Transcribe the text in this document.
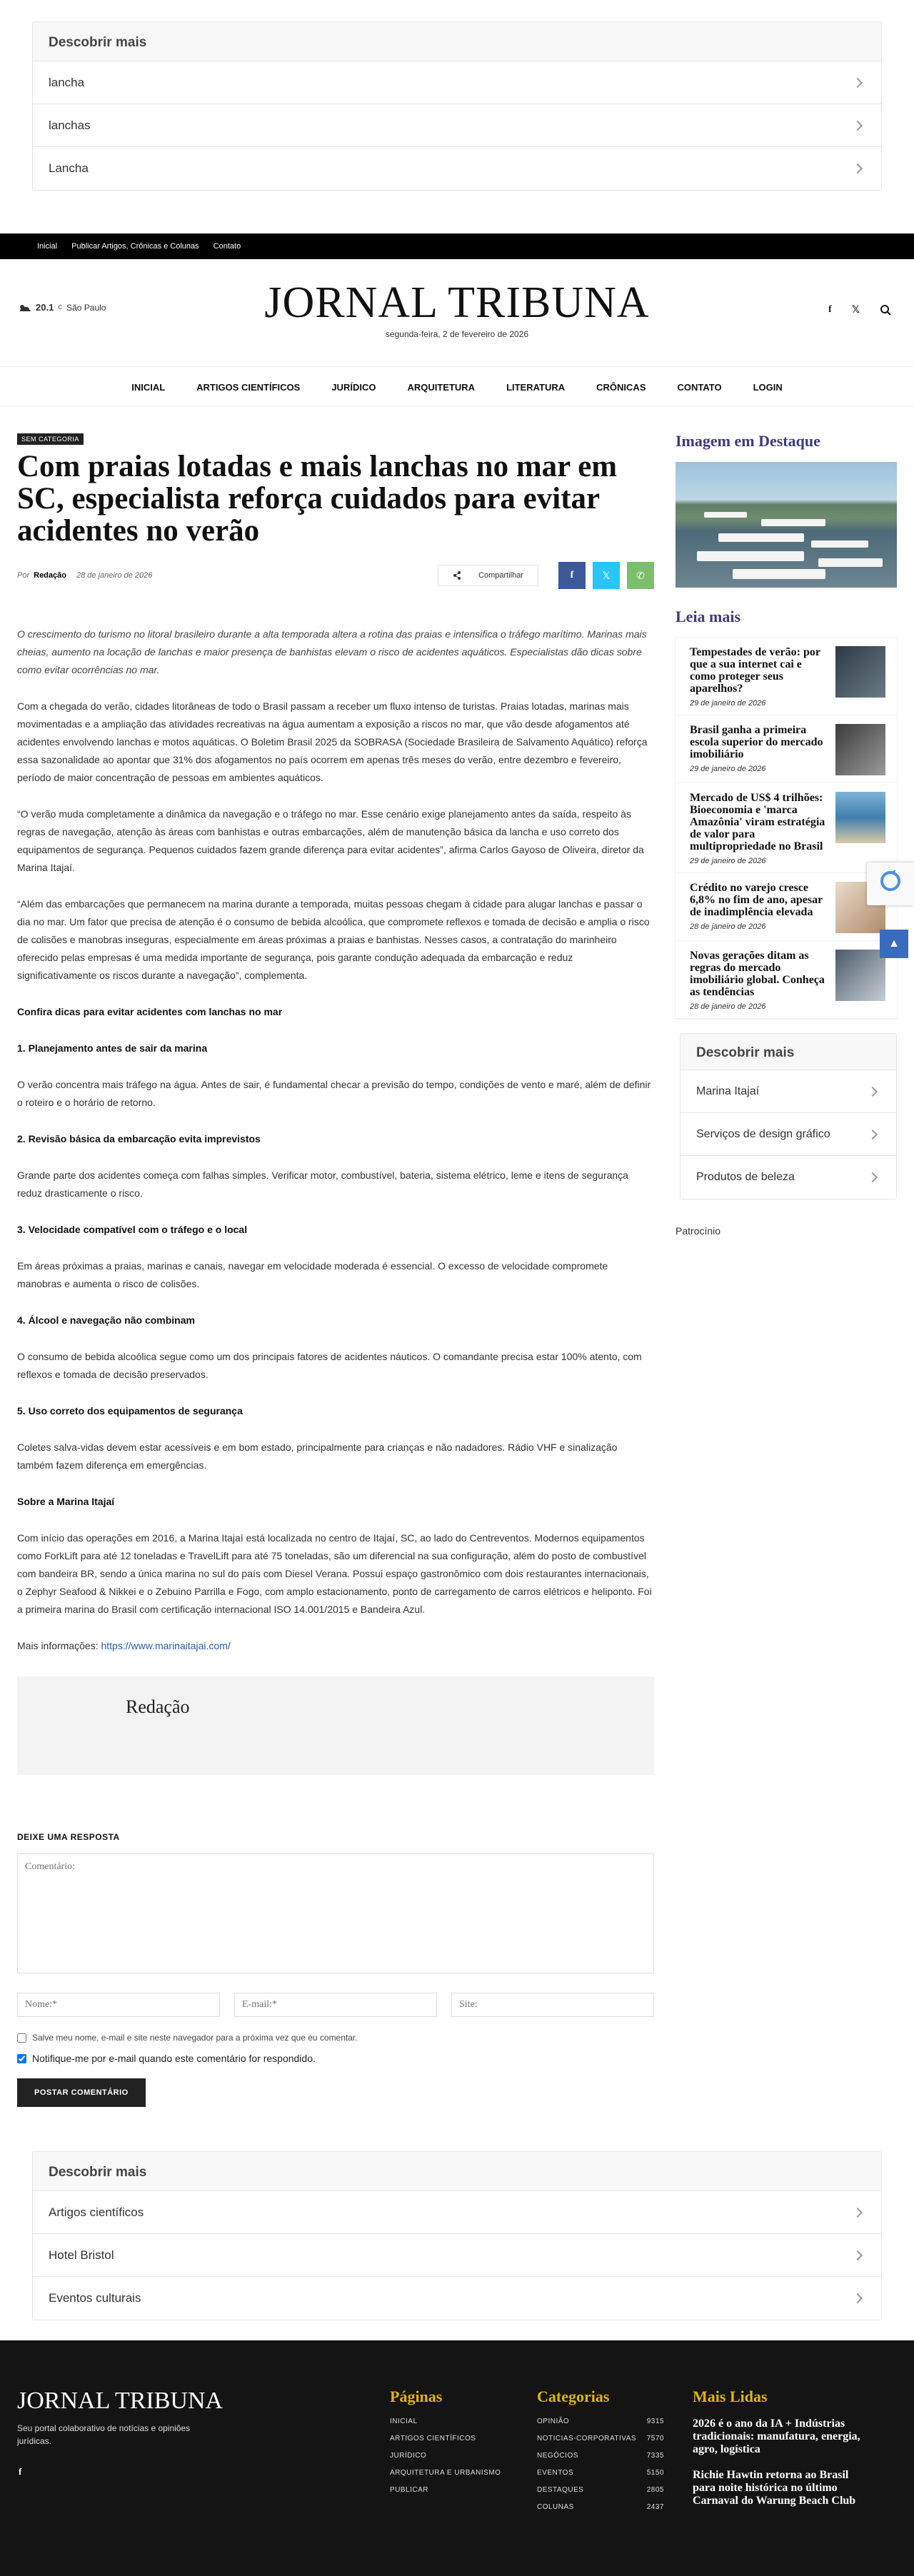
Descobrir mais
lancha
lanchas
Lancha
Inicial Publicar Artigos, Crônicas e Colunas Contato
20.1 C São Paulo	JORNAL TRIBUNA
segunda-feira, 2 de fevereiro de 2026
f 𝕏
INICIAL	ARTIGOS CIENTÍFICOS	JURÍDICO	ARQUITETURA	LITERATURA	CRÔNICAS	CONTATO	LOGIN
SEM CATEGORIA
Com praias lotadas e mais lanchas no mar em SC, especialista reforça cuidados para evitar acidentes no verão
Por Redação 28 de janeiro de 2026	Compartilhar	f	𝕏	✆

O crescimento do turismo no litoral brasileiro durante a alta temporada altera a rotina das praias e intensifica o tráfego marítimo. Marinas mais cheias, aumento na locação de lanchas e maior presença de banhistas elevam o risco de acidentes aquáticos. Especialistas dão dicas sobre como evitar ocorrências no mar.

Com a chegada do verão, cidades litorâneas de todo o Brasil passam a receber um fluxo intenso de turistas. Praias lotadas, marinas mais movimentadas e a ampliação das atividades recreativas na água aumentam a exposição a riscos no mar, que vão desde afogamentos até acidentes envolvendo lanchas e motos aquáticas. O Boletim Brasil 2025 da SOBRASA (Sociedade Brasileira de Salvamento Aquático) reforça essa sazonalidade ao apontar que 31% dos afogamentos no país ocorrem em apenas três meses do verão, entre dezembro e fevereiro, período de maior concentração de pessoas em ambientes aquáticos.

“O verão muda completamente a dinâmica da navegação e o tráfego no mar. Esse cenário exige planejamento antes da saída, respeito às regras de navegação, atenção às áreas com banhistas e outras embarcações, além de manutenção básica da lancha e uso correto dos equipamentos de segurança. Pequenos cuidados fazem grande diferença para evitar acidentes”, afirma Carlos Gayoso de Oliveira, diretor da Marina Itajaí.

“Além das embarcações que permanecem na marina durante a temporada, muitas pessoas chegam à cidade para alugar lanchas e passar o dia no mar. Um fator que precisa de atenção é o consumo de bebida alcoólica, que compromete reflexos e tomada de decisão e amplia o risco de colisões e manobras inseguras, especialmente em áreas próximas a praias e banhistas. Nesses casos, a contratação do marinheiro oferecido pelas empresas é uma medida importante de segurança, pois garante condução adequada da embarcação e reduz significativamente os riscos durante a navegação”, complementa.

Confira dicas para evitar acidentes com lanchas no mar
1. Planejamento antes de sair da marina

O verão concentra mais tráfego na água. Antes de sair, é fundamental checar a previsão do tempo, condições de vento e maré, além de definir o roteiro e o horário de retorno.

2. Revisão básica da embarcação evita imprevistos

Grande parte dos acidentes começa com falhas simples. Verificar motor, combustível, bateria, sistema elétrico, leme e itens de segurança reduz drasticamente o risco.

3. Velocidade compatível com o tráfego e o local

Em áreas próximas a praias, marinas e canais, navegar em velocidade moderada é essencial. O excesso de velocidade compromete manobras e aumenta o risco de colisões.

4. Álcool e navegação não combinam

O consumo de bebida alcoólica segue como um dos principais fatores de acidentes náuticos. O comandante precisa estar 100% atento, com reflexos e tomada de decisão preservados.

5. Uso correto dos equipamentos de segurança

Coletes salva-vidas devem estar acessíveis e em bom estado, principalmente para crianças e não nadadores. Rádio VHF e sinalização também fazem diferença em emergências.

Sobre a Marina Itajaí

Com início das operações em 2016, a Marina Itajaí está localizada no centro de Itajaí, SC, ao lado do Centreventos. Modernos equipamentos como ForkLift para até 12 toneladas e TravelLift para até 75 toneladas, são um diferencial na sua configuração, além do posto de combustível com bandeira BR, sendo a única marina no sul do país com Diesel Verana. Possui espaço gastronômico com dois restaurantes internacionais, o Zephyr Seafood & Nikkei e o Zebuino Parrilla e Fogo, com amplo estacionamento, ponto de carregamento de carros elétricos e heliponto. Foi a primeira marina do Brasil com certificação internacional ISO 14.001/2015 e Bandeira Azul.

Mais informações: https://www.marinaitajai.com/

Redação
DEIXE UMA RESPOSTA
Comentário:
Nome:*
E-mail:*
Site:
Salve meu nome, e-mail e site neste navegador para a próxima vez que eu comentar.
Notifique-me por e-mail quando este comentário for respondido.
POSTAR COMENTÁRIO
Imagem em Destaque
Leia mais
Tempestades de verão: por que a sua internet cai e como proteger seus aparelhos?
29 de janeiro de 2026
Brasil ganha a primeira escola superior do mercado imobiliário
29 de janeiro de 2026
Mercado de US$ 4 trilhões: Bioeconomia e 'marca Amazônia' viram estratégia de valor para multipropriedade no Brasil
29 de janeiro de 2026
Crédito no varejo cresce 6,8% no fim de ano, apesar de inadimplência elevada
28 de janeiro de 2026
Novas gerações ditam as regras do mercado imobiliário global. Conheça as tendências
28 de janeiro de 2026
Descobrir mais
Marina Itajaí
Serviços de design gráfico
Produtos de beleza
Patrocínio
Descobrir mais
Artigos científicos
Hotel Bristol
Eventos culturais
JORNAL TRIBUNA
Seu portal colaborativo de notícias e opiniões jurídicas.
f
Páginas
INICIAL
ARTIGOS CIENTÍFICOS
JURÍDICO
ARQUITETURA E URBANISMO
PUBLICAR
Categorias
OPINIÃO	9315
NOTICIAS-CORPORATIVAS 7570
NEGÓCIOS	7335
EVENTOS	5150
DESTAQUES	2805
COLUNAS	2437
Mais Lidas
2026 é o ano da IA + Indústrias tradicionais: manufatura, energia, agro, logística
Richie Hawtin retorna ao Brasil para noite histórica no último Carnaval do Warung Beach Club
▲
